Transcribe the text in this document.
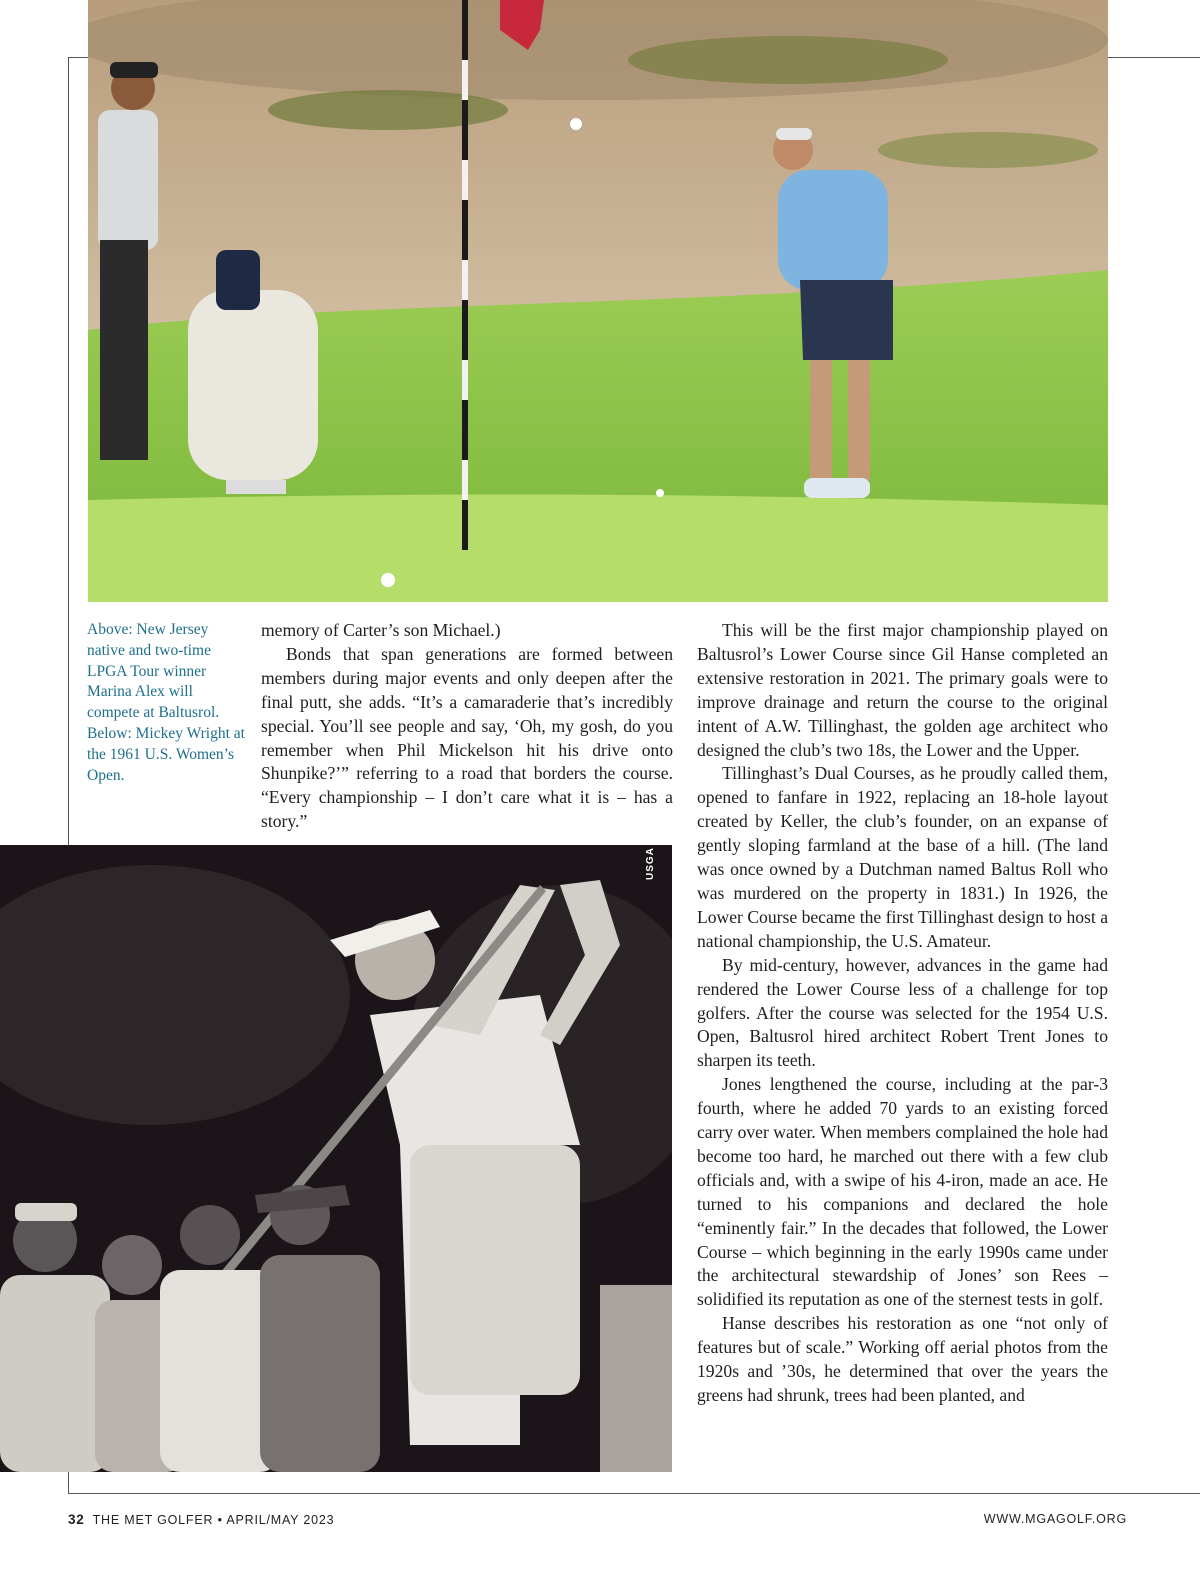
Above: New Jersey native and two-time LPGA Tour winner Marina Alex will compete at Baltusrol. Below: Mickey Wright at the 1961 U.S. Women’s Open.

memory of Carter’s son Michael.)

Bonds that span generations are formed between members during major events and only deepen after the final putt, she adds. “It’s a camaraderie that’s incredibly special. You’ll see people and say, ‘Oh, my gosh, do you remember when Phil Mickelson hit his drive onto Shunpike?’” referring to a road that borders the course. “Every championship – I don’t care what it is – has a story.”

USGA

This will be the first major championship played on Baltusrol’s Lower Course since Gil Hanse completed an extensive restoration in 2021. The primary goals were to improve drainage and return the course to the original intent of A.W. Tillinghast, the golden age architect who designed the club’s two 18s, the Lower and the Upper.

Tillinghast’s Dual Courses, as he proudly called them, opened to fanfare in 1922, replacing an 18-hole layout created by Keller, the club’s founder, on an expanse of gently sloping farmland at the base of a hill. (The land was once owned by a Dutchman named Baltus Roll who was murdered on the property in 1831.) In 1926, the Lower Course became the first Tillinghast design to host a national championship, the U.S. Amateur.

By mid-century, however, advances in the game had rendered the Lower Course less of a challenge for top golfers. After the course was selected for the 1954 U.S. Open, Baltusrol hired architect Robert Trent Jones to sharpen its teeth.

Jones lengthened the course, including at the par-3 fourth, where he added 70 yards to an existing forced carry over water. When members complained the hole had become too hard, he marched out there with a few club officials and, with a swipe of his 4-iron, made an ace. He turned to his companions and declared the hole “eminently fair.” In the decades that followed, the Lower Course – which beginning in the early 1990s came under the architectural stewardship of Jones’ son Rees – solidified its reputation as one of the sternest tests in golf.

Hanse describes his restoration as one “not only of features but of scale.” Working off aerial photos from the 1920s and ’30s, he determined that over the years the greens had shrunk, trees had been planted, and

32 THE MET GOLFER • APRIL/MAY 2023	WWW.MGAGOLF.ORG
